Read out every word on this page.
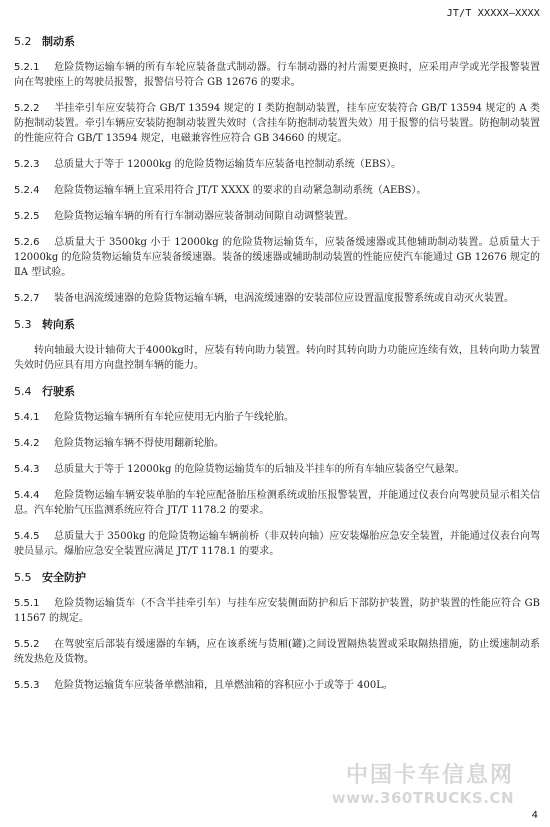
JT/T XXXXX—XXXX
5.2 制动系
5.2.1 危险货物运输车辆的所有车轮应装备盘式制动器。行车制动器的衬片需要更换时，应采用声学或光学报警装置向在驾驶座上的驾驶员报警，报警信号符合 GB 12676 的要求。
5.2.2 半挂牵引车应安装符合 GB/T 13594 规定的 I 类防抱制动装置，挂车应安装符合 GB/T 13594 规定的 A 类防抱制动装置。牵引车辆应安装防抱制动装置失效时（含挂车防抱制动装置失效）用于报警的信号装置。防抱制动装置的性能应符合 GB/T 13594 规定，电磁兼容性应符合 GB 34660 的规定。
5.2.3 总质量大于等于 12000kg 的危险货物运输货车应装备电控制动系统（EBS）。
5.2.4 危险货物运输车辆上宜采用符合 JT/T XXXX 的要求的自动紧急制动系统（AEBS）。
5.2.5 危险货物运输车辆的所有行车制动器应装备制动间隙自动调整装置。
5.2.6 总质量大于 3500kg 小于 12000kg 的危险货物运输货车，应装备缓速器或其他辅助制动装置。总质量大于 12000kg 的危险货物运输货车应装备缓速器。装备的缓速器或辅助制动装置的性能应使汽车能通过 GB 12676 规定的ⅡA 型试验。
5.2.7 装备电涡流缓速器的危险货物运输车辆，电涡流缓速器的安装部位应设置温度报警系统或自动灭火装置。
5.3 转向系
转向轴最大设计轴荷大于4000kg时，应装有转向助力装置。转向时其转向助力功能应连续有效，且转向助力装置失效时仍应具有用方向盘控制车辆的能力。
5.4 行驶系
5.4.1 危险货物运输车辆所有车轮应使用无内胎子午线轮胎。
5.4.2 危险货物运输车辆不得使用翻新轮胎。
5.4.3 总质量大于等于 12000kg 的危险货物运输货车的后轴及半挂车的所有车轴应装备空气悬架。
5.4.4 危险货物运输车辆安装单胎的车轮应配备胎压检测系统或胎压报警装置，并能通过仪表台向驾驶员显示相关信息。汽车轮胎气压监测系统应符合 JT/T 1178.2 的要求。
5.4.5 总质量大于 3500kg 的危险货物运输车辆前桥（非双转向轴）应安装爆胎应急安全装置，并能通过仪表台向驾驶员显示。爆胎应急安全装置应满足 JT/T 1178.1 的要求。
5.5 安全防护
5.5.1 危险货物运输货车（不含半挂牵引车）与挂车应安装侧面防护和后下部防护装置，防护装置的性能应符合 GB 11567 的规定。
5.5.2 在驾驶室后部装有缓速器的车辆，应在该系统与货厢(罐)之间设置隔热装置或采取隔热措施，防止缓速制动系统发热危及货物。
5.5.3 危险货物运输货车应装备单燃油箱，且单燃油箱的容积应小于或等于 400L。
中国卡车信息网
www.360TRUCKS.CN
4
